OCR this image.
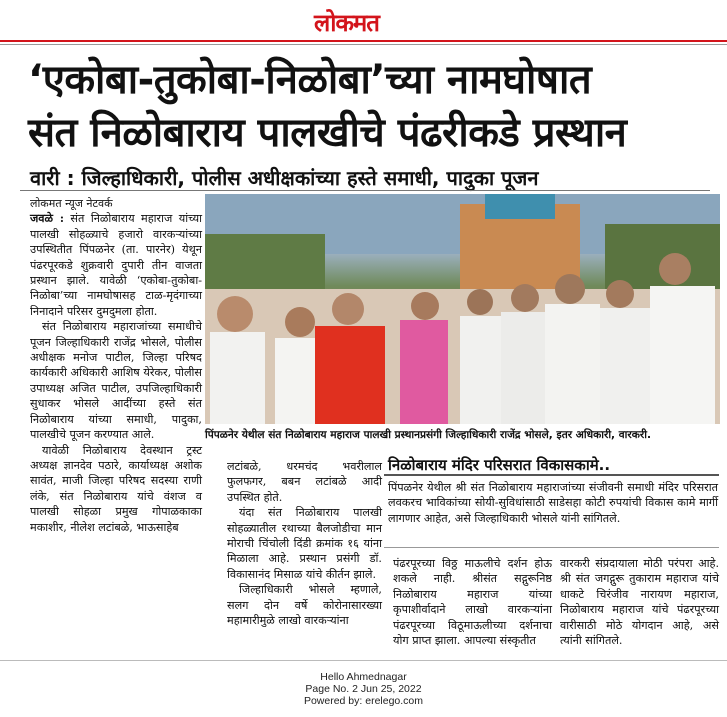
लोकमत
‘एकोबा-तुकोबा-निळोबा’च्या नामघोषात
संत निळोबाराय पालखीचे पंढरीकडे प्रस्थान
वारी : जिल्हाधिकारी, पोलीस अधीक्षकांच्या हस्ते समाधी, पादुका पूजन

लोकमत न्यूज नेटवर्क

जवळे : संत निळोबाराय महाराज यांच्या पालखी सोहळ्याचे हजारो वारकऱ्यांच्या उपस्थितीत पिंपळनेर (ता. पारनेर) येथून पंढरपूरकडे शुक्रवारी दुपारी तीन वाजता प्रस्थान झाले. यावेळी ‘एकोबा-तुकोबा-निळोबा’च्या नामघोषासह टाळ-मृदंगाच्या निनादाने परिसर दुमदुमला होता.

संत निळोबाराय महाराजांच्या समाधीचे पूजन जिल्हाधिकारी राजेंद्र भोसले, पोलीस अधीक्षक मनोज पाटील, जिल्हा परिषद कार्यकारी अधिकारी आशिष येरेकर, पोलीस उपाध्यक्ष अजित पाटील, उपजिल्हाधिकारी सुधाकर भोसले आदींच्या हस्ते संत निळोबाराय यांच्या समाधी, पादुका, पालखीचे पूजन करण्यात आले.

यावेळी निळोबाराय देवस्थान ट्रस्ट अध्यक्ष ज्ञानदेव पठारे, कार्याध्यक्ष अशोक सावंत, माजी जिल्हा परिषद सदस्या राणी लंके, संत निळोबाराय यांचे वंशज व पालखी सोहळा प्रमुख गोपाळकाका मकाशीर, नीलेश लटांबळे, भाऊसाहेब

पिंपळनेर येथील संत निळोबाराय महाराज पालखी प्रस्थानप्रसंगी जिल्हाधिकारी राजेंद्र भोसले, इतर अधिकारी, वारकरी.

लटांबळे, धरमचंद भवरीलाल फुलफगर, बबन लटांबळे आदी उपस्थित होते.

यंदा संत निळोबाराय पालखी सोहळ्यातील रथाच्या बैलजोडीचा मान मोराची चिंचोली दिंडी क्रमांक १६ यांना मिळाला आहे. प्रस्थान प्रसंगी डॉ. विकासानंद मिसाळ यांचे कीर्तन झाले.

जिल्हाधिकारी भोसले म्हणाले, सलग दोन वर्षे कोरोनासारख्या महामारीमुळे लाखो वारकऱ्यांना

निळोबाराय मंदिर परिसरात विकासकामे..
पिंपळनेर येथील श्री संत निळोबाराय महाराजांच्या संजीवनी समाधी मंदिर परिसरात लवकरच भाविकांच्या सोयी-सुविधांसाठी साडेसहा कोटी रुपयांची विकास कामे मार्गी लागणार आहेत, असे जिल्हाधिकारी भोसले यांनी सांगितले.

पंढरपूरच्या विठ्ठ माऊलीचे दर्शन होऊ शकले नाही. श्रीसंत सद्गुरूनिष्ठ निळोबाराय महाराज यांच्या कृपाशीर्वादाने लाखो वारकऱ्यांना पंढरपूरच्या विठूमाऊलीच्या दर्शनाचा योग प्राप्त झाला. आपल्या संस्कृतीत

वारकरी संप्रदायाला मोठी परंपरा आहे. श्री संत जगद्गुरू तुकाराम महाराज यांचे धाकटे चिरंजीव नारायण महाराज, निळोबाराय महाराज यांचे पंढरपूरच्या वारीसाठी मोठे योगदान आहे, असे त्यांनी सांगितले.

Hello Ahmednagar
Page No. 2 Jun 25, 2022
Powered by: erelego.com
